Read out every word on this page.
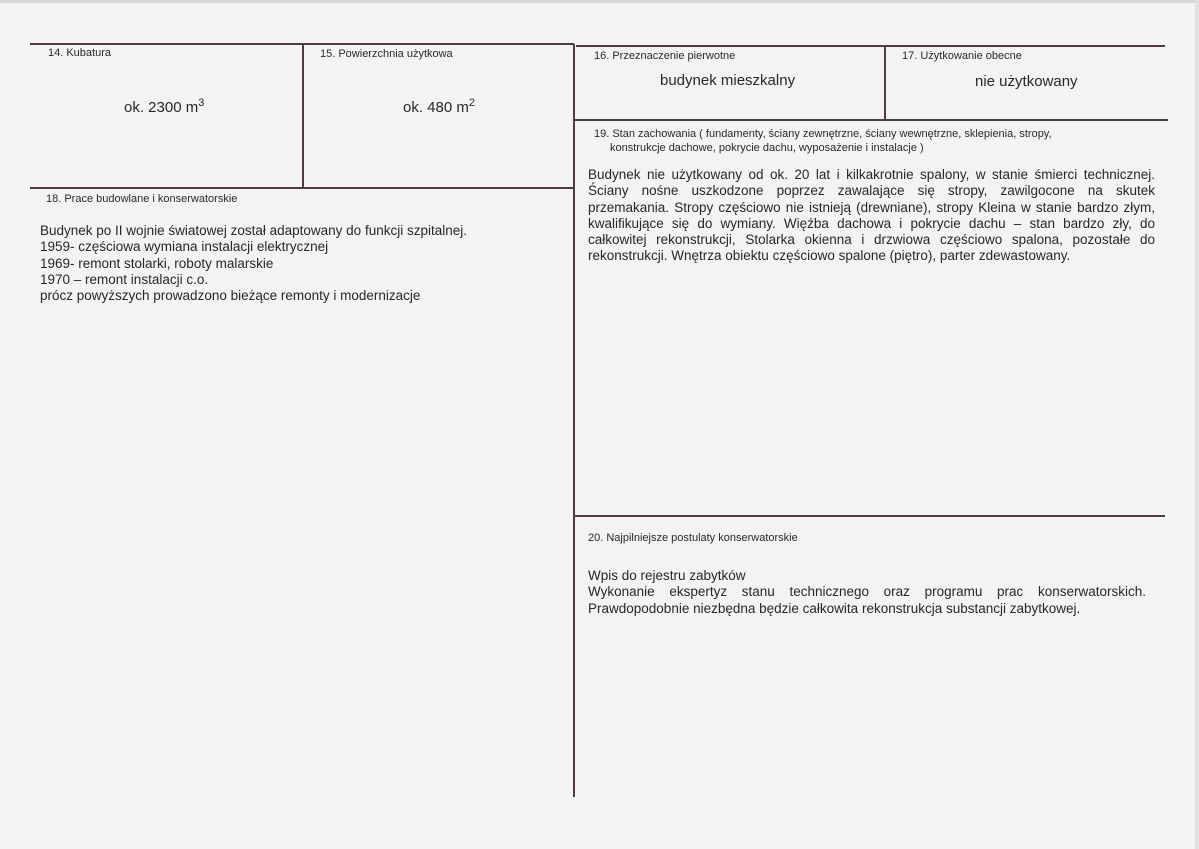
14. Kubatura
ok. 2300 $m^3$
15. Powierzchnia użytkowa
ok. 480 $m^2$
16. Przeznaczenie pierwotne
budynek mieszkalny
17. Użytkowanie obecne
nie użytkowany
18. Prace budowlane i konserwatorskie
Budynek po II wojnie światowej został adaptowany do funkcji szpitalnej.
1959- częściowa wymiana instalacji elektrycznej
1969- remont stolarki, roboty malarskie
1970 – remont instalacji c.o.
prócz powyższych prowadzono bieżące remonty i modernizacje
19. Stan zachowania ( fundamenty, ściany zewnętrzne, ściany wewnętrzne, sklepienia, stropy,
konstrukcje dachowe, pokrycie dachu, wyposażenie i instalacje )
Budynek nie użytkowany od ok. 20 lat i kilkakrotnie spalony, w stanie śmierci technicznej. Ściany nośne uszkodzone poprzez zawalające się stropy, zawilgocone na skutek przemakania. Stropy częściowo nie istnieją (drewniane), stropy Kleina w stanie bardzo złym, kwalifikujące się do wymiany. Więźba dachowa i pokrycie dachu – stan bardzo zły, do całkowitej rekonstrukcji, Stolarka okienna i drzwiowa częściowo spalona, pozostałe do rekonstrukcji. Wnętrza obiektu częściowo spalone (piętro), parter zdewastowany.
20. Najpilniejsze postulaty konserwatorskie
Wpis do rejestru zabytków
Wykonanie ekspertyz stanu technicznego oraz programu prac konserwatorskich. Prawdopodobnie niezbędna będzie całkowita rekonstrukcja substancji zabytkowej.
